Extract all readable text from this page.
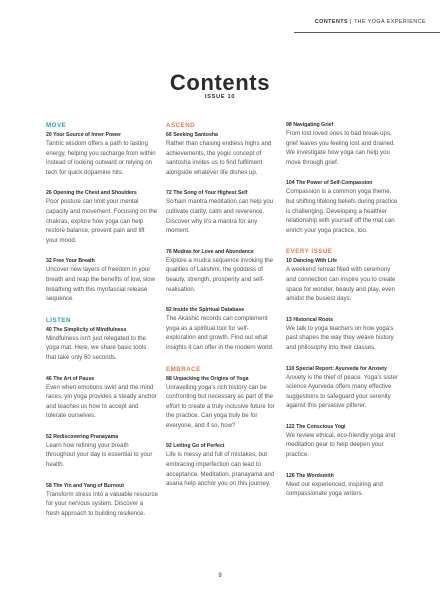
CONTENTS | THE YOGA EXPERIENCE
Contents
ISSUE 10
MOVE
20 Your Source of Inner Power
Tantric wisdom offers a path to lasting energy, helping you recharge from within instead of looking outward or relying on tech for quick dopamine hits.
26 Opening the Chest and Shoulders
Poor posture can limit your mental capacity and movement. Focusing on the chakras, explore how yoga can help restore balance, prevent pain and lift your mood.
32 Free Your Breath
Uncover new layers of freedom in your breath and reap the benefits of low, slow breathing with this myofascial release sequence.
LISTEN
40 The Simplicity of Mindfulness
Mindfulness isn't just relegated to the yoga mat. Here, we share basic tools that take only 60 seconds.
46 The Art of Pause
Even when emotions swirl and the mind races, yin yoga provides a steady anchor and teaches us how to accept and tolerate ourselves.
52 Rediscovering Pranayama
Learn how refining your breath throughout your day is essential to your health.
58 The Yin and Yang of Burnout
Transform stress into a valuable resource for your nervous system. Discover a fresh approach to building resilience.
ASCEND
66 Seeking Santosha
Rather than chasing endless highs and achievements, the yogic concept of santosha invites us to find fulfilment alongside whatever life dishes up.
72 The Song of Your Highest Self
So'ham mantra meditation can help you cultivate clarity, calm and reverence. Discover why it's a mantra for any moment.
76 Mudras for Love and Abundance
Explore a mudra sequence invoking the qualities of Lakshmi, the goddess of beauty, strength, prosperity and self-realisation.
82 Inside the Spiritual Database
The Akashic records can complement yoga as a spiritual tool for self-exploration and growth. Find out what insights it can offer in the modern world.
EMBRACE
88 Unpacking the Origins of Yoga
Unravelling yoga's rich history can be confronting but necessary as part of the effort to create a truly inclusive future for the practice. Can yoga truly be for everyone, and if so, how?
92 Letting Go of Perfect
Life is messy and full of mistakes, but embracing imperfection can lead to acceptance. Meditation, pranayama and asana help anchor you on this journey.
98 Navigating Grief
From lost loved ones to bad break-ups, grief leaves you feeling lost and drained. We investigate how yoga can help you move through grief.
104 The Power of Self-Compassion
Compassion is a common yoga theme, but shifting lifelong beliefs during practice is challenging. Developing a healthier relationship with yourself off the mat can enrich your yoga practice, too.
EVERY ISSUE
10 Dancing With Life
A weekend retreat filled with ceremony and connection can inspire you to create space for wonder, beauty and play, even amidst the busiest days.
13 Historical Roots
We talk to yoga teachers on how yoga's past shapes the way they weave history and philosophy into their classes.
110 Special Report: Ayurveda for Anxiety
Anxiety is the thief of peace. Yoga's sister science Ayurveda offers many effective suggestions to safeguard your serenity against this pervasive pilferer.
122 The Conscious Yogi
We review ethical, eco-friendly yoga and meditation gear to help deepen your practice.
126 The Wordsmith
Meet our experienced, inspiring and compassionate yoga writers.
9
